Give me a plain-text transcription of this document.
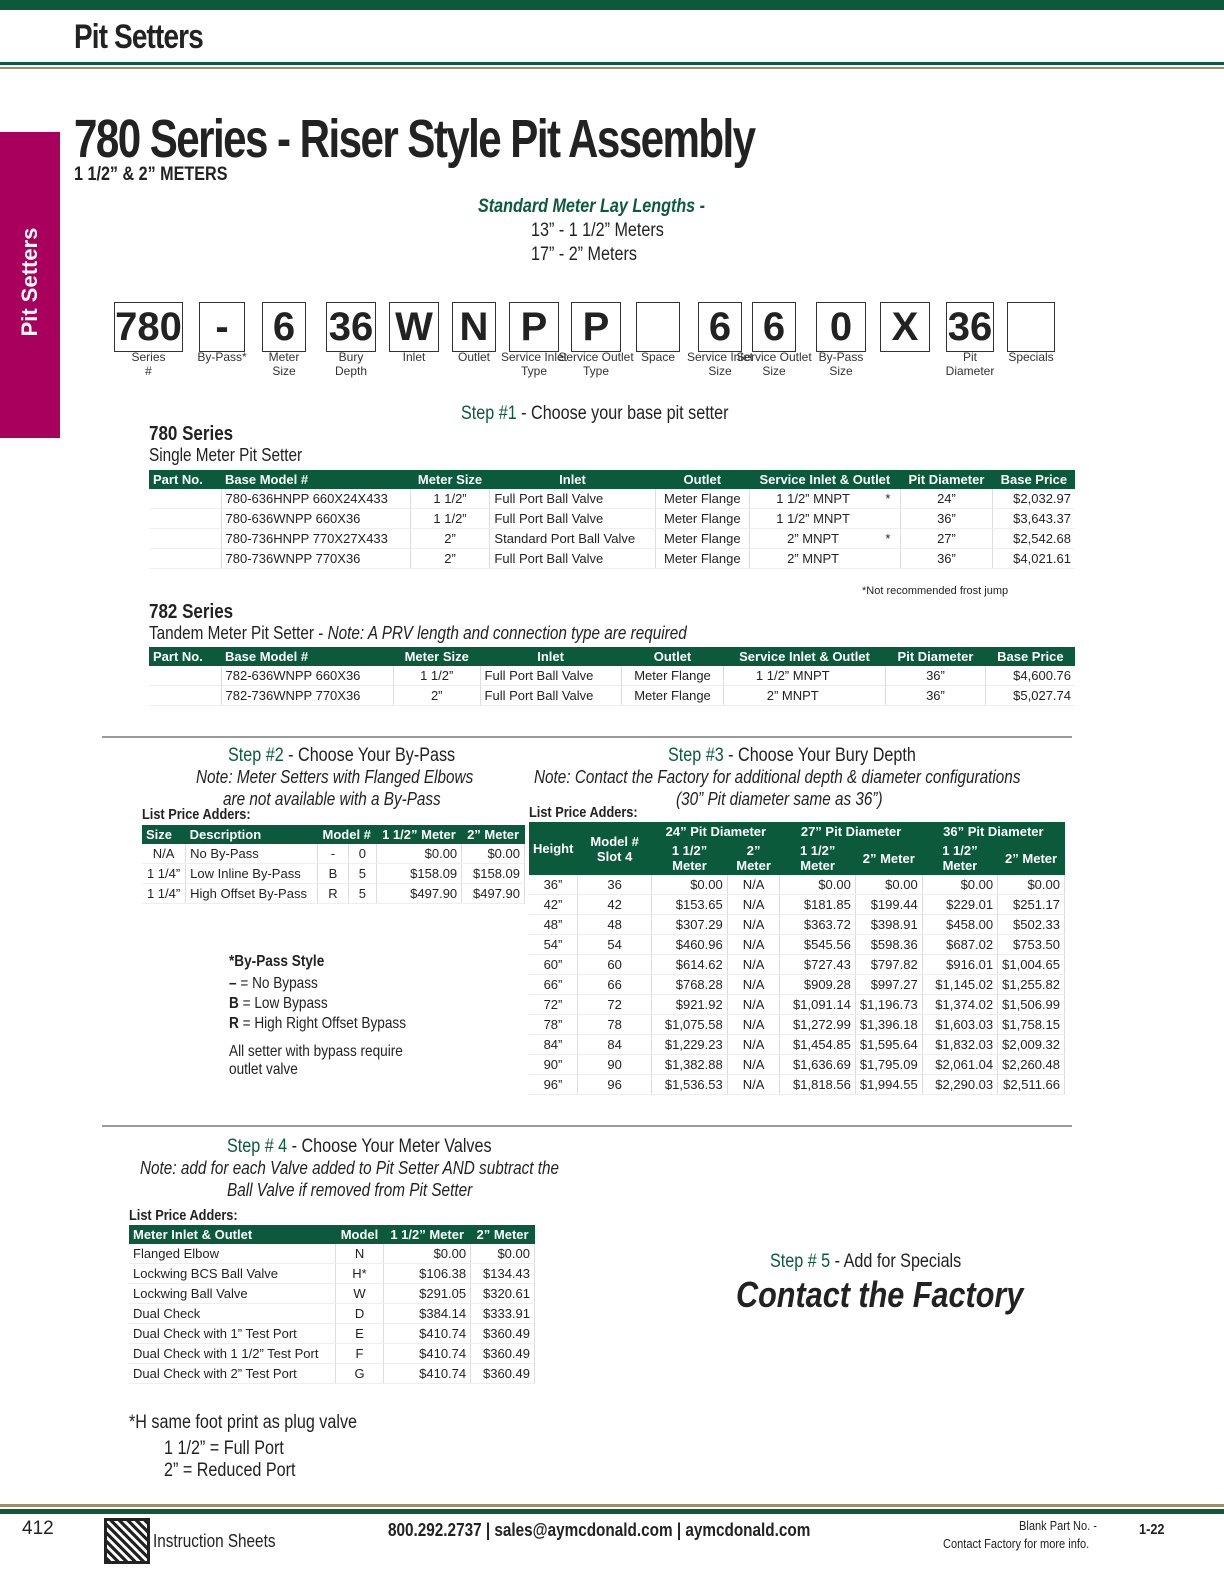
Pit Setters
Pit Setters
780 Series - Riser Style Pit Assembly
1 1/2” & 2” METERS
Standard Meter Lay Lengths -
13” - 1 1/2” Meters
17” - 2” Meters
780
Series
#
-
By-Pass*
6
Meter
Size
36
Bury
Depth
W
Inlet
N
Outlet
P
Service Inlet
Type
P
Service Outlet
Type
Space
6
Service Inlet
Size
6
Service Outlet
Size
0
By-Pass
Size
X 36
Pit
Diameter
Specials
Step #1 - Choose your base pit setter
780 Series
Single Meter Pit Setter
Part No.	Base Model #	Meter Size	Inlet	Outlet	Service Inlet & Outlet		Pit Diameter	Base Price
	780-636HNPP 660X24X433	1 1/2”	Full Port Ball Valve	Meter Flange	1 1/2” MNPT	*	24”	$2,032.97
	780-636WNPP 660X36	1 1/2”	Full Port Ball Valve	Meter Flange	1 1/2” MNPT		36”	$3,643.37
	780-736HNPP 770X27X433	2”	Standard Port Ball Valve	Meter Flange	2” MNPT	*	27”	$2,542.68
	780-736WNPP 770X36	2”	Full Port Ball Valve	Meter Flange	2” MNPT		36”	$4,021.61
*Not recommended frost jump
782 Series
Tandem Meter Pit Setter - Note: A PRV length and connection type are required
Part No.	Base Model #	Meter Size	Inlet	Outlet	Service Inlet & Outlet		Pit Diameter	Base Price
	782-636WNPP 660X36	1 1/2”	Full Port Ball Valve	Meter Flange	1 1/2” MNPT		36”	$4,600.76
	782-736WNPP 770X36	2”	Full Port Ball Valve	Meter Flange	2” MNPT		36”	$5,027.74
Step #2 - Choose Your By-Pass
Note: Meter Setters with Flanged Elbows
are not available with a By-Pass
List Price Adders:
Size	Description	Model #		1 1/2” Meter	2” Meter
N/A	No By-Pass	-	0	$0.00	$0.00
1 1/4”	Low Inline By-Pass	B	5	$158.09	$158.09
1 1/4”	High Offset By-Pass	R	5	$497.90	$497.90
*By-Pass Style
– = No Bypass
B = Low Bypass
R = High Right Offset Bypass
All setter with bypass require
outlet valve
Step #3 - Choose Your Bury Depth
Note: Contact the Factory for additional depth & diameter configurations
(30” Pit diameter same as 36”)
List Price Adders:
Height	Model # Slot 4	24” Pit Diameter		27” Pit Diameter		36” Pit Diameter	
		1 1/2” Meter	2” Meter	1 1/2” Meter	2” Meter	1 1/2” Meter	2” Meter
36”	36	$0.00	N/A	$0.00	$0.00	$0.00	$0.00
42”	42	$153.65	N/A	$181.85	$199.44	$229.01	$251.17
48”	48	$307.29	N/A	$363.72	$398.91	$458.00	$502.33
54”	54	$460.96	N/A	$545.56	$598.36	$687.02	$753.50
60”	60	$614.62	N/A	$727.43	$797.82	$916.01	$1,004.65
66”	66	$768.28	N/A	$909.28	$997.27	$1,145.02	$1,255.82
72”	72	$921.92	N/A	$1,091.14	$1,196.73	$1,374.02	$1,506.99
78”	78	$1,075.58	N/A	$1,272.99	$1,396.18	$1,603.03	$1,758.15
84”	84	$1,229.23	N/A	$1,454.85	$1,595.64	$1,832.03	$2,009.32
90”	90	$1,382.88	N/A	$1,636.69	$1,795.09	$2,061.04	$2,260.48
96”	96	$1,536.53	N/A	$1,818.56	$1,994.55	$2,290.03	$2,511.66
Step # 4 - Choose Your Meter Valves
Note: add for each Valve added to Pit Setter AND subtract the
Ball Valve if removed from Pit Setter
List Price Adders:
Meter Inlet & Outlet	Model	1 1/2” Meter	2” Meter
Flanged Elbow	N	$0.00	$0.00
Lockwing BCS Ball Valve	H*	$106.38	$134.43
Lockwing Ball Valve	W	$291.05	$320.61
Dual Check	D	$384.14	$333.91
Dual Check with 1” Test Port	E	$410.74	$360.49
Dual Check with 1 1/2” Test Port	F	$410.74	$360.49
Dual Check with 2” Test Port	G	$410.74	$360.49
*H same foot print as plug valve
1 1/2” = Full Port
2” = Reduced Port
Step # 5 - Add for Specials
Contact the Factory
412
Instruction Sheets
800.292.2737 | sales@aymcdonald.com | aymcdonald.com	Blank Part No. -
Contact Factory for more info.
1-22
